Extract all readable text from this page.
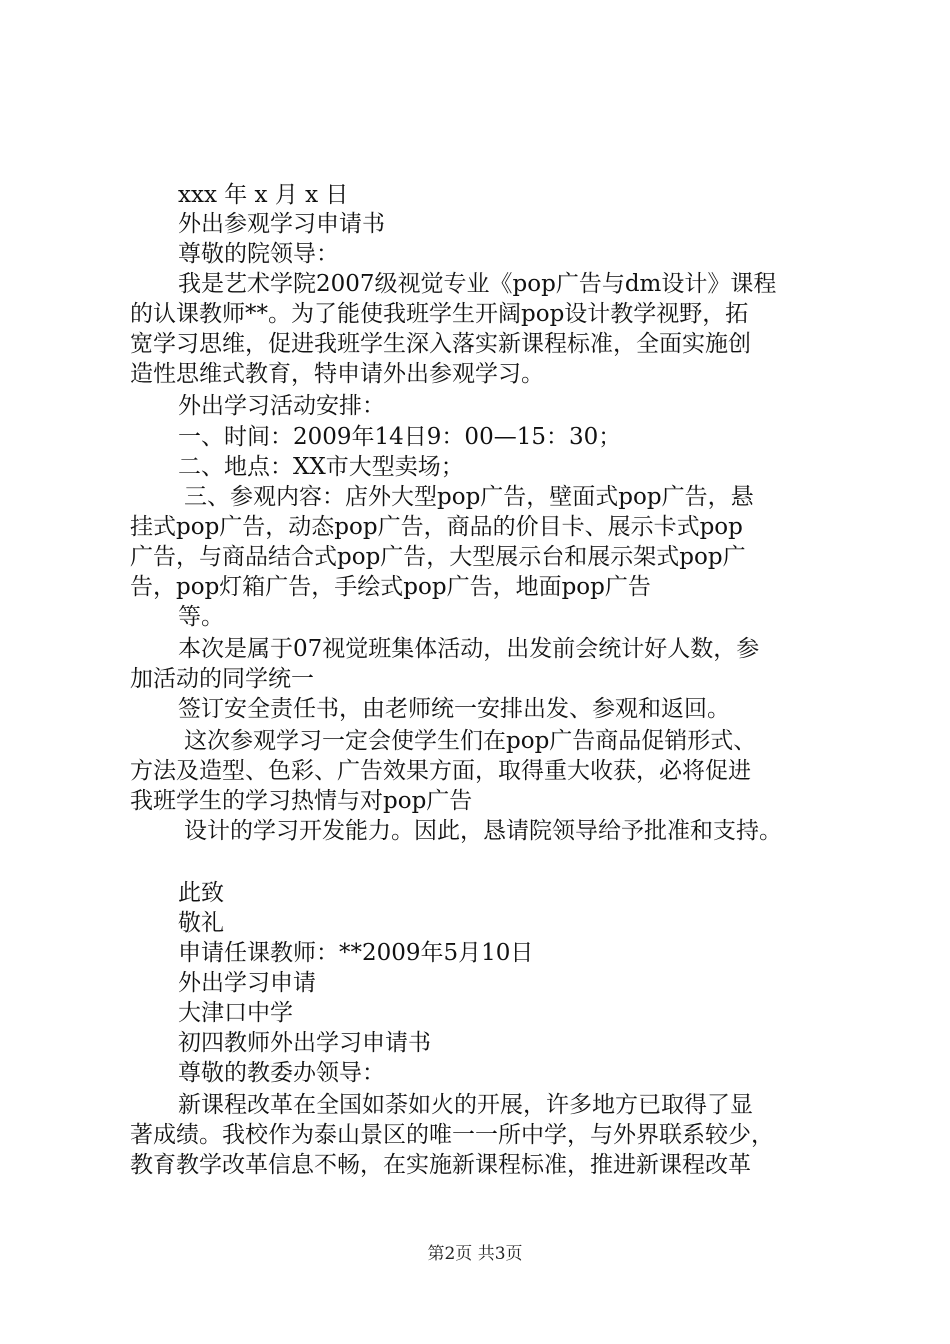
xxx 年 x 月 x 日
外出参观学习申请书
尊敬的院领导：
我是艺术学院2007级视觉专业《pop广告与dm设计》课程
的认课教师**。为了能使我班学生开阔pop设计教学视野，拓
宽学习思维，促进我班学生深入落实新课程标准，全面实施创
造性思维式教育，特申请外出参观学习。
外出学习活动安排：
一、时间：2009年14日9：00—15：30；
二、地点：XX市大型卖场；
三、参观内容：店外大型pop广告，壁面式pop广告，悬
挂式pop广告，动态pop广告，商品的价目卡、展示卡式pop
广告，与商品结合式pop广告，大型展示台和展示架式pop广
告，pop灯箱广告，手绘式pop广告，地面pop广告
等。
本次是属于07视觉班集体活动，出发前会统计好人数，参
加活动的同学统一
签订安全责任书，由老师统一安排出发、参观和返回。
这次参观学习一定会使学生们在pop广告商品促销形式、
方法及造型、色彩、广告效果方面，取得重大收获，必将促进
我班学生的学习热情与对pop广告
设计的学习开发能力。因此，恳请院领导给予批准和支持。
此致
敬礼
申请任课教师：**2009年5月10日
外出学习申请
大津口中学
初四教师外出学习申请书
尊敬的教委办领导：
新课程改革在全国如荼如火的开展，许多地方已取得了显
著成绩。我校作为泰山景区的唯一一所中学，与外界联系较少，
教育教学改革信息不畅，在实施新课程标准，推进新课程改革
第2页 共3页
